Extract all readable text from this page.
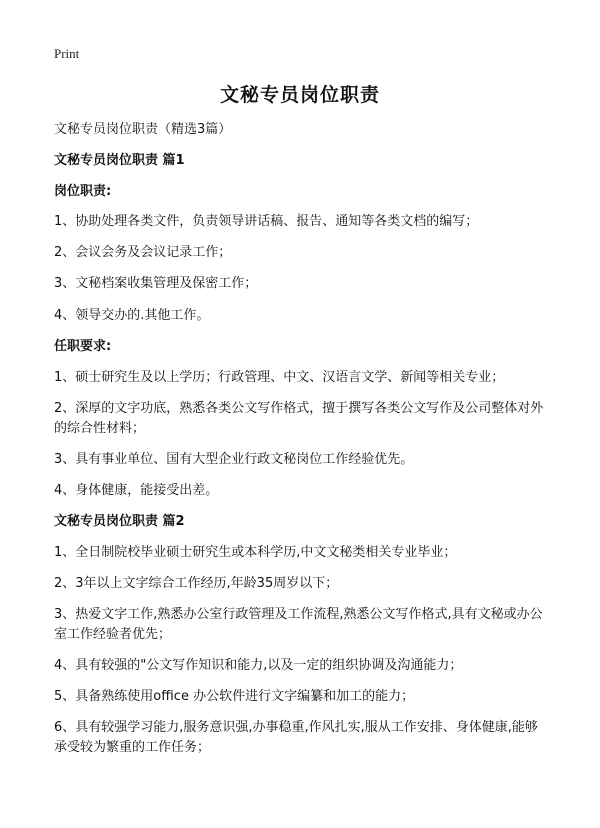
Print
文秘专员岗位职责
文秘专员岗位职责（精选3篇）
文秘专员岗位职责 篇1
岗位职责:
1、协助处理各类文件，负责领导讲话稿、报告、通知等各类文档的编写；
2、会议会务及会议记录工作；
3、文秘档案收集管理及保密工作；
4、领导交办的.其他工作。
任职要求:
1、硕士研究生及以上学历；行政管理、中文、汉语言文学、新闻等相关专业；
2、深厚的文字功底，熟悉各类公文写作格式，擅于撰写各类公文写作及公司整体对外的综合性材料；
3、具有事业单位、国有大型企业行政文秘岗位工作经验优先。
4、身体健康，能接受出差。
文秘专员岗位职责 篇2
1、全日制院校毕业硕士研究生或本科学历,中文文秘类相关专业毕业；
2、3年以上文字综合工作经历,年龄35周岁以下；
3、热爱文字工作,熟悉办公室行政管理及工作流程,熟悉公文写作格式,具有文秘或办公室工作经验者优先；
4、具有较强的"公文写作知识和能力,以及一定的组织协调及沟通能力；
5、具备熟练使用office 办公软件进行文字编纂和加工的能力；
6、具有较强学习能力,服务意识强,办事稳重,作风扎实,服从工作安排、身体健康,能够承受较为繁重的工作任务；
